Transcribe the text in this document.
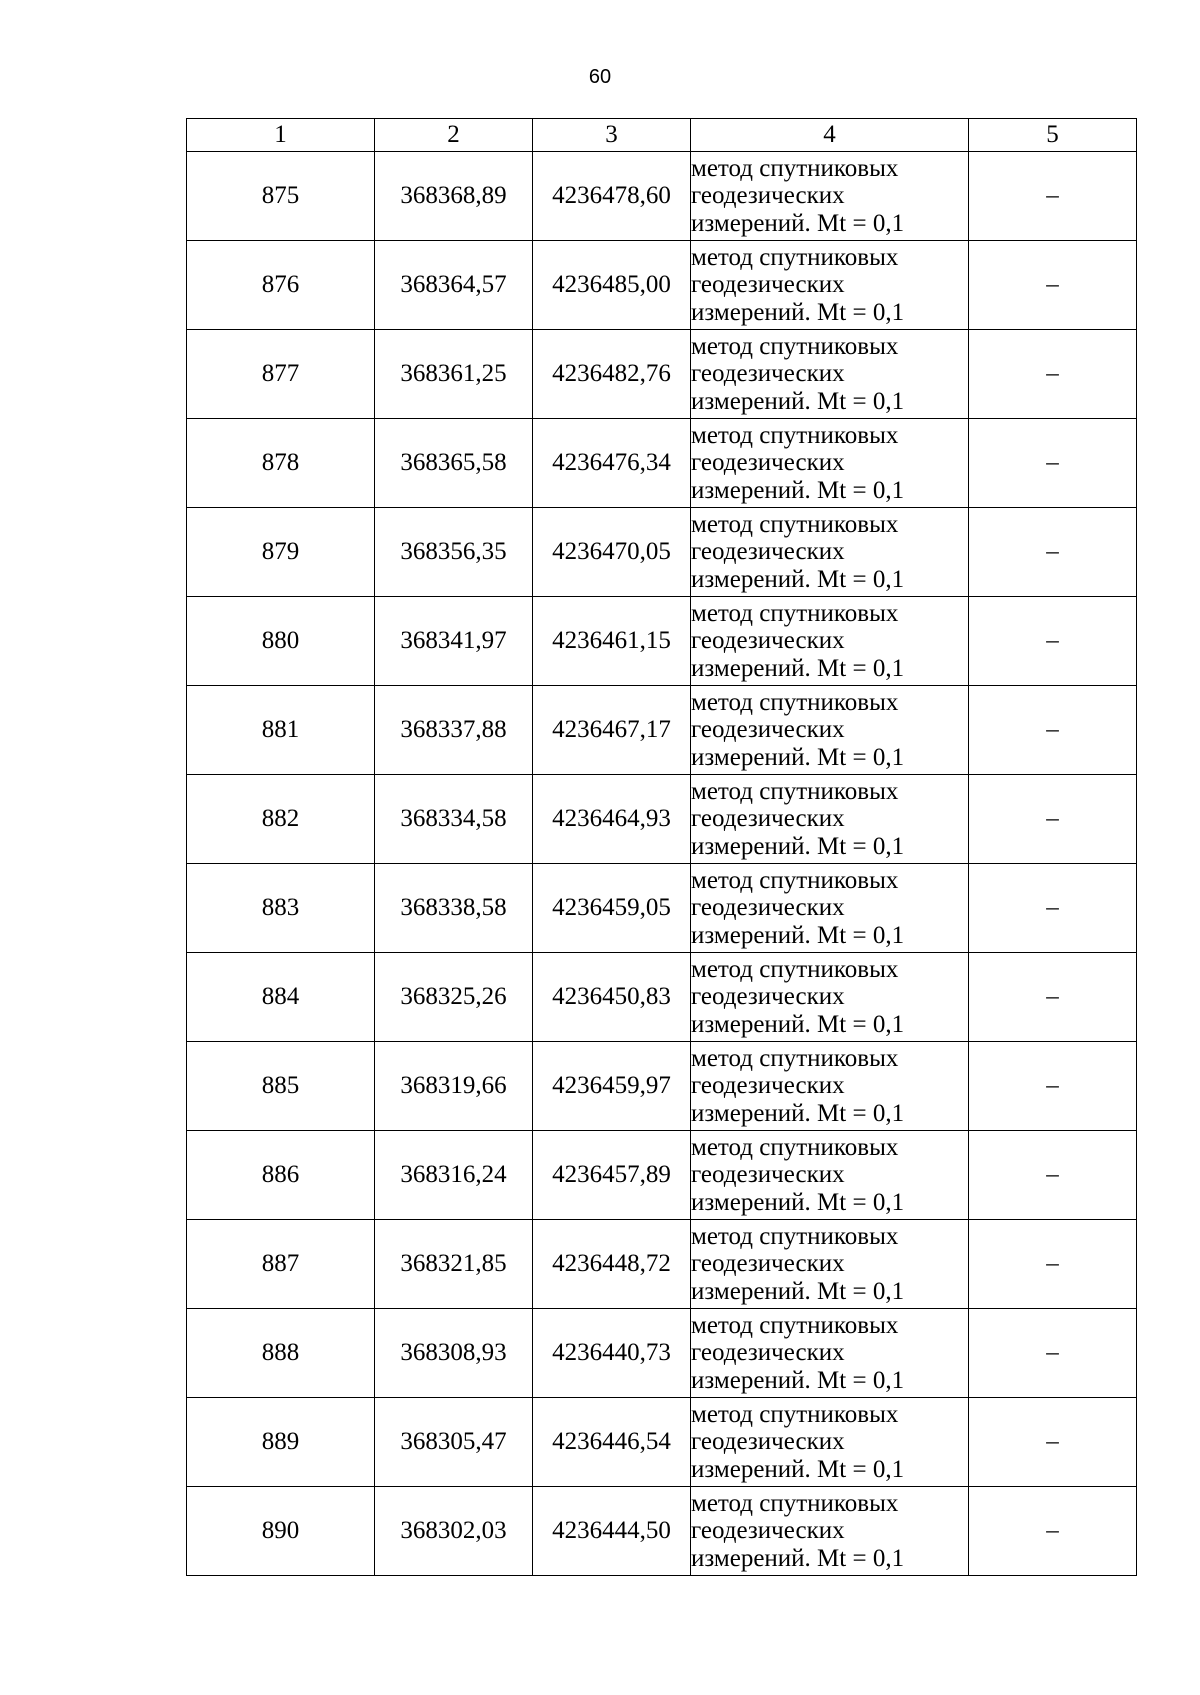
60
1	2	3	4	5
875	368368,89	4236478,60	метод спутниковых
геодезических
измерений. Mt = 0,1	–
876	368364,57	4236485,00	метод спутниковых
геодезических
измерений. Mt = 0,1	–
877	368361,25	4236482,76	метод спутниковых
геодезических
измерений. Mt = 0,1	–
878	368365,58	4236476,34	метод спутниковых
геодезических
измерений. Mt = 0,1	–
879	368356,35	4236470,05	метод спутниковых
геодезических
измерений. Mt = 0,1	–
880	368341,97	4236461,15	метод спутниковых
геодезических
измерений. Mt = 0,1	–
881	368337,88	4236467,17	метод спутниковых
геодезических
измерений. Mt = 0,1	–
882	368334,58	4236464,93	метод спутниковых
геодезических
измерений. Mt = 0,1	–
883	368338,58	4236459,05	метод спутниковых
геодезических
измерений. Mt = 0,1	–
884	368325,26	4236450,83	метод спутниковых
геодезических
измерений. Mt = 0,1	–
885	368319,66	4236459,97	метод спутниковых
геодезических
измерений. Mt = 0,1	–
886	368316,24	4236457,89	метод спутниковых
геодезических
измерений. Mt = 0,1	–
887	368321,85	4236448,72	метод спутниковых
геодезических
измерений. Mt = 0,1	–
888	368308,93	4236440,73	метод спутниковых
геодезических
измерений. Mt = 0,1	–
889	368305,47	4236446,54	метод спутниковых
геодезических
измерений. Mt = 0,1	–
890	368302,03	4236444,50	метод спутниковых
геодезических
измерений. Mt = 0,1	–
